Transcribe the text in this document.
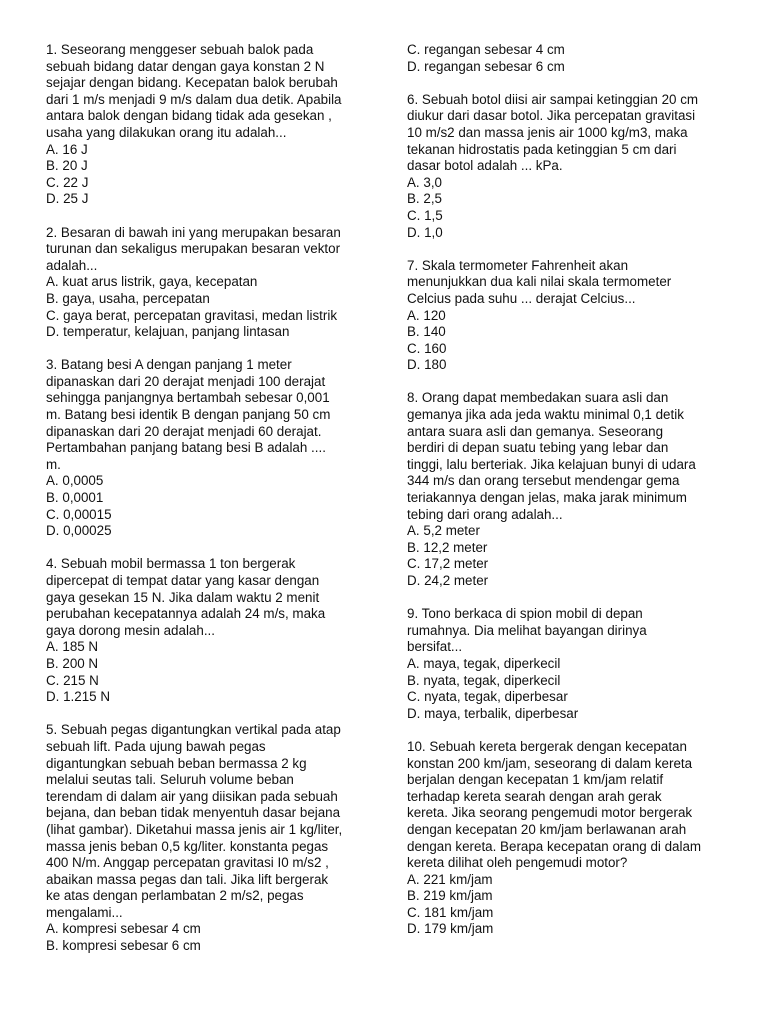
1. Seseorang menggeser sebuah balok pada
sebuah bidang datar dengan gaya konstan 2 N
sejajar dengan bidang. Kecepatan balok berubah
dari 1 m/s menjadi 9 m/s dalam dua detik. Apabila
antara balok dengan bidang tidak ada gesekan ,
usaha yang dilakukan orang itu adalah...
A. 16 J
B. 20 J
C. 22 J
D. 25 J
2. Besaran di bawah ini yang merupakan besaran
turunan dan sekaligus merupakan besaran vektor
adalah...
A. kuat arus listrik, gaya, kecepatan
B. gaya, usaha, percepatan
C. gaya berat, percepatan gravitasi, medan listrik
D. temperatur, kelajuan, panjang lintasan
3. Batang besi A dengan panjang 1 meter
dipanaskan dari 20 derajat menjadi 100 derajat
sehingga panjangnya bertambah sebesar 0,001
m. Batang besi identik B dengan panjang 50 cm
dipanaskan dari 20 derajat menjadi 60 derajat.
Pertambahan panjang batang besi B adalah ....
m.
A. 0,0005
B. 0,0001
C. 0,00015
D. 0,00025
4. Sebuah mobil bermassa 1 ton bergerak
dipercepat di tempat datar yang kasar dengan
gaya gesekan 15 N. Jika dalam waktu 2 menit
perubahan kecepatannya adalah 24 m/s, maka
gaya dorong mesin adalah...
A. 185 N
B. 200 N
C. 215 N
D. 1.215 N
5. Sebuah pegas digantungkan vertikal pada atap
sebuah lift. Pada ujung bawah pegas
digantungkan sebuah beban bermassa 2 kg
melalui seutas tali. Seluruh volume beban
terendam di dalam air yang diisikan pada sebuah
bejana, dan beban tidak menyentuh dasar bejana
(lihat gambar). Diketahui massa jenis air 1 kg/liter,
massa jenis beban 0,5 kg/liter. konstanta pegas
400 N/m. Anggap percepatan gravitasi I0 m/s2 ,
abaikan massa pegas dan tali. Jika lift bergerak
ke atas dengan perlambatan 2 m/s2, pegas
mengalami...
A. kompresi sebesar 4 cm
B. kompresi sebesar 6 cm
C. regangan sebesar 4 cm
D. regangan sebesar 6 cm
6. Sebuah botol diisi air sampai ketinggian 20 cm
diukur dari dasar botol. Jika percepatan gravitasi
10 m/s2 dan massa jenis air 1000 kg/m3, maka
tekanan hidrostatis pada ketinggian 5 cm dari
dasar botol adalah ... kPa.
A. 3,0
B. 2,5
C. 1,5
D. 1,0
7. Skala termometer Fahrenheit akan
menunjukkan dua kali nilai skala termometer
Celcius pada suhu ... derajat Celcius...
A. 120
B. 140
C. 160
D. 180
8. Orang dapat membedakan suara asli dan
gemanya jika ada jeda waktu minimal 0,1 detik
antara suara asli dan gemanya. Seseorang
berdiri di depan suatu tebing yang lebar dan
tinggi, lalu berteriak. Jika kelajuan bunyi di udara
344 m/s dan orang tersebut mendengar gema
teriakannya dengan jelas, maka jarak minimum
tebing dari orang adalah...
A. 5,2 meter
B. 12,2 meter
C. 17,2 meter
D. 24,2 meter
9. Tono berkaca di spion mobil di depan
rumahnya. Dia melihat bayangan dirinya
bersifat...
A. maya, tegak, diperkecil
B. nyata, tegak, diperkecil
C. nyata, tegak, diperbesar
D. maya, terbalik, diperbesar
10. Sebuah kereta bergerak dengan kecepatan
konstan 200 km/jam, seseorang di dalam kereta
berjalan dengan kecepatan 1 km/jam relatif
terhadap kereta searah dengan arah gerak
kereta. Jika seorang pengemudi motor bergerak
dengan kecepatan 20 km/jam berlawanan arah
dengan kereta. Berapa kecepatan orang di dalam
kereta dilihat oleh pengemudi motor?
A. 221 km/jam
B. 219 km/jam
C. 181 km/jam
D. 179 km/jam
